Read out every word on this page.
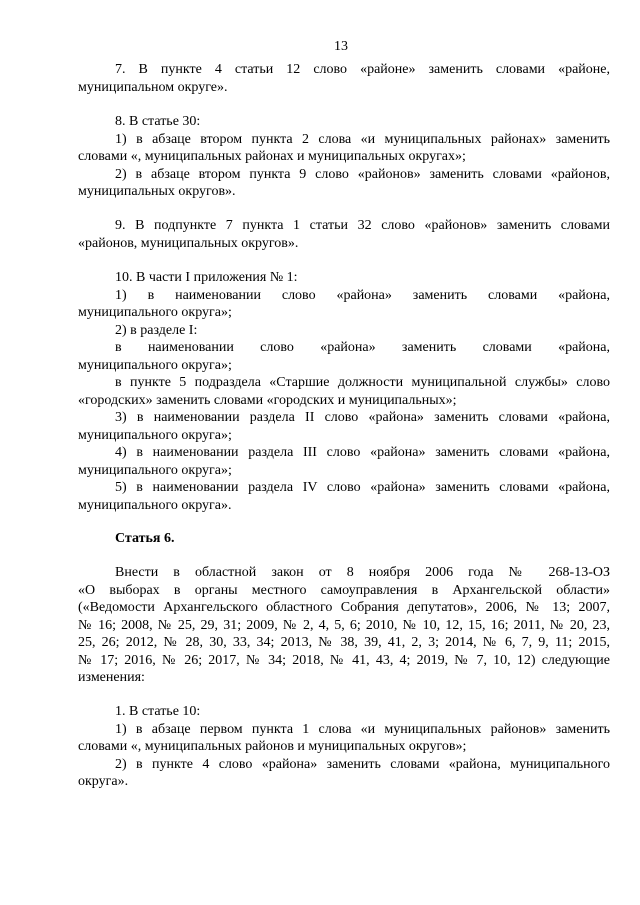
13
7. В пункте 4 статьи 12 слово «районе» заменить словами «районе,
муниципальном округе».
8. В статье 30:
1) в абзаце втором пункта 2 слова «и муниципальных районах» заменить
словами «, муниципальных районах и муниципальных округах»;
2) в абзаце втором пункта 9 слово «районов» заменить словами «районов,
муниципальных округов».
9. В подпункте 7 пункта 1 статьи 32 слово «районов» заменить словами
«районов, муниципальных округов».
10. В части I приложения № 1:
1) в наименовании слово «района» заменить словами «района,
муниципального округа»;
2) в разделе I:
в наименовании слово «района» заменить словами «района,
муниципального округа»;
в пункте 5 подраздела «Старшие должности муниципальной службы» слово
«городских» заменить словами «городских и муниципальных»;
3) в наименовании раздела II слово «района» заменить словами «района,
муниципального округа»;
4) в наименовании раздела III слово «района» заменить словами «района,
муниципального округа»;
5) в наименовании раздела IV слово «района» заменить словами «района,
муниципального округа».
Статья 6.
Внести в областной закон от 8 ноября 2006 года № 268-13-ОЗ
«О выборах в органы местного самоуправления в Архангельской области»
(«Ведомости Архангельского областного Собрания депутатов», 2006, № 13; 2007,
№ 16; 2008, № 25, 29, 31; 2009, № 2, 4, 5, 6; 2010, № 10, 12, 15, 16; 2011, № 20, 23,
25, 26; 2012, № 28, 30, 33, 34; 2013, № 38, 39, 41, 2, 3; 2014, № 6, 7, 9, 11; 2015,
№ 17; 2016, № 26; 2017, № 34; 2018, № 41, 43, 4; 2019, № 7, 10, 12) следующие
изменения:
1. В статье 10:
1) в абзаце первом пункта 1 слова «и муниципальных районов» заменить
словами «, муниципальных районов и муниципальных округов»;
2) в пункте 4 слово «района» заменить словами «района, муниципального
округа».
